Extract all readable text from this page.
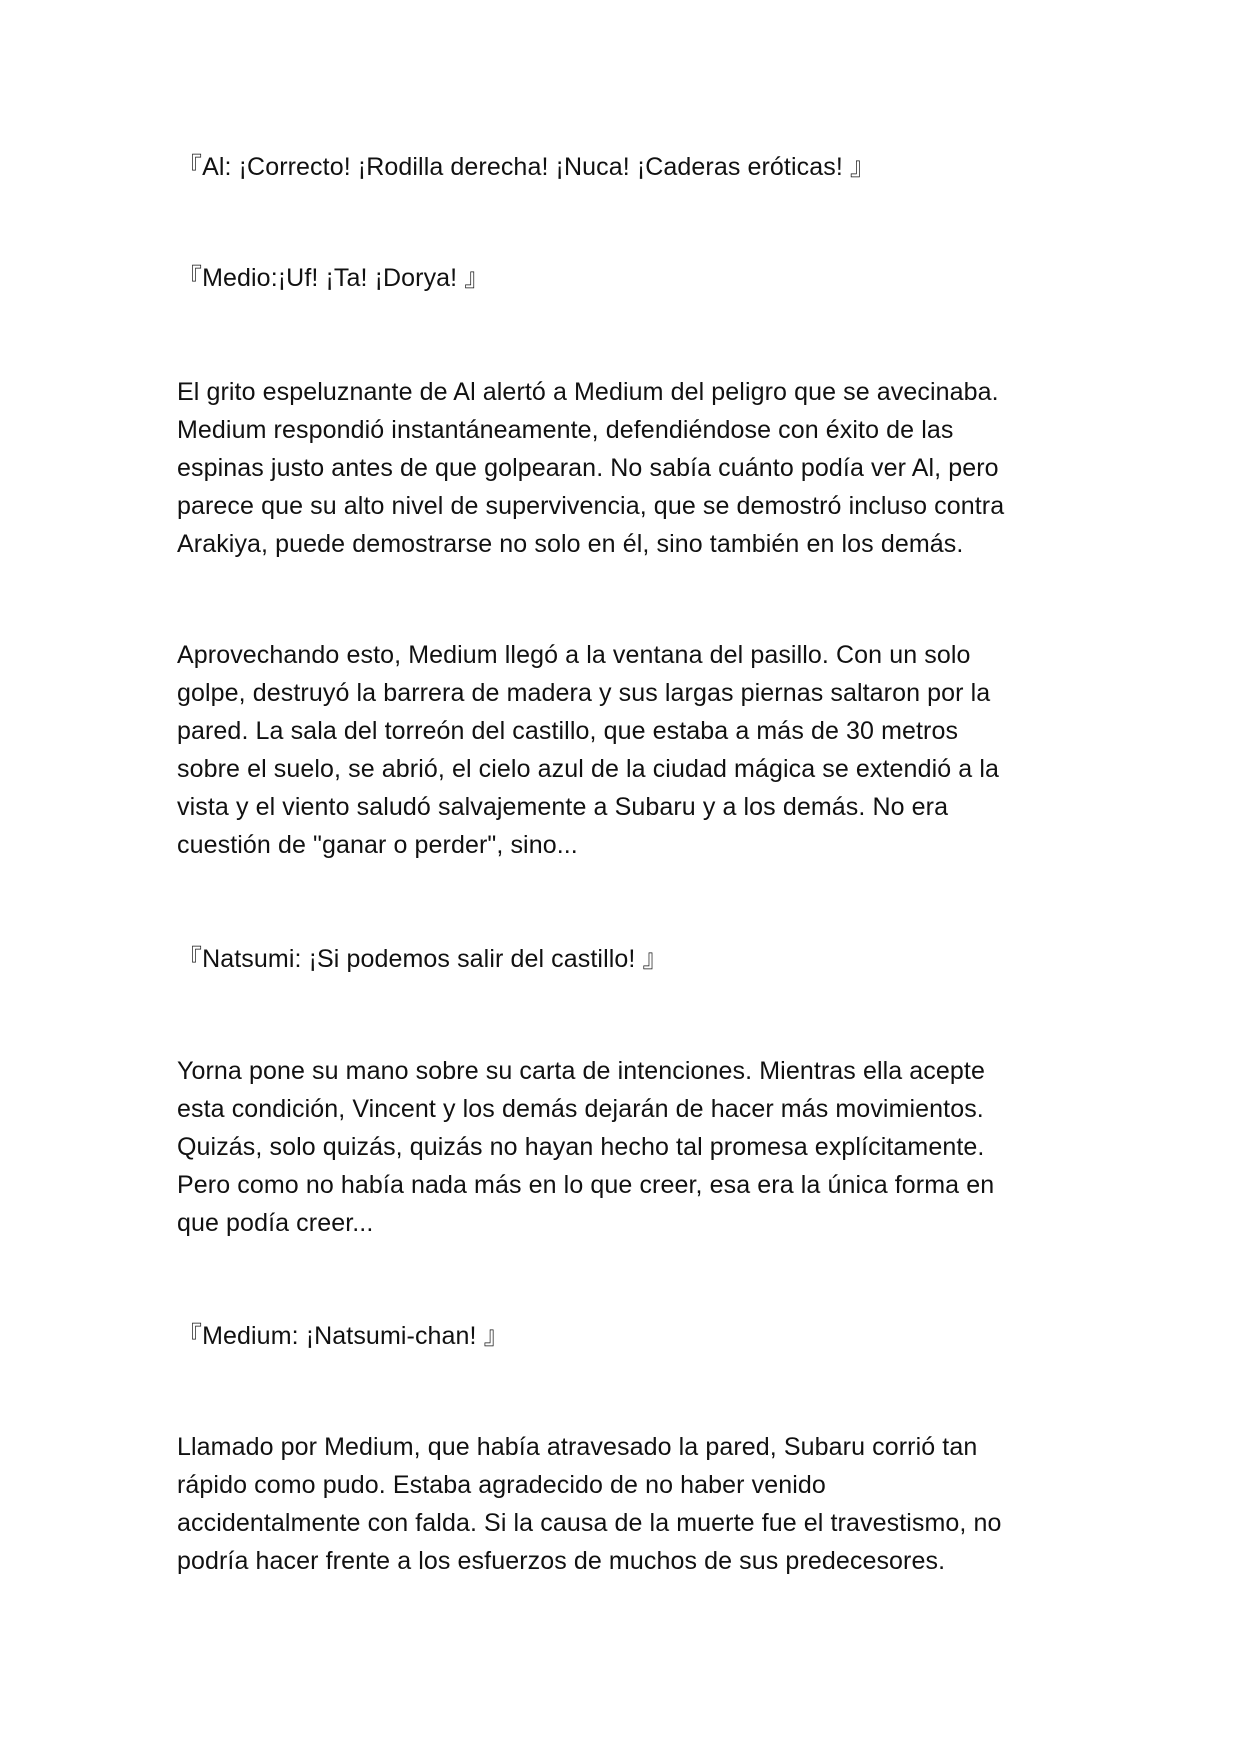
『Al: ¡Correcto! ¡Rodilla derecha! ¡Nuca! ¡Caderas eróticas! 』

『Medio:¡Uf! ¡Ta! ¡Dorya! 』

El grito espeluznante de Al alertó a Medium del peligro que se avecinaba.

Medium respondió instantáneamente, defendiéndose con éxito de las

espinas justo antes de que golpearan. No sabía cuánto podía ver Al, pero

parece que su alto nivel de supervivencia, que se demostró incluso contra

Arakiya, puede demostrarse no solo en él, sino también en los demás.

Aprovechando esto, Medium llegó a la ventana del pasillo. Con un solo

golpe, destruyó la barrera de madera y sus largas piernas saltaron por la

pared. La sala del torreón del castillo, que estaba a más de 30 metros

sobre el suelo, se abrió, el cielo azul de la ciudad mágica se extendió a la

vista y el viento saludó salvajemente a Subaru y a los demás. No era

cuestión de "ganar o perder", sino...

『Natsumi: ¡Si podemos salir del castillo! 』

Yorna pone su mano sobre su carta de intenciones. Mientras ella acepte

esta condición, Vincent y los demás dejarán de hacer más movimientos.

Quizás, solo quizás, quizás no hayan hecho tal promesa explícitamente.

Pero como no había nada más en lo que creer, esa era la única forma en

que podía creer...

『Medium: ¡Natsumi-chan! 』

Llamado por Medium, que había atravesado la pared, Subaru corrió tan

rápido como pudo. Estaba agradecido de no haber venido

accidentalmente con falda. Si la causa de la muerte fue el travestismo, no

podría hacer frente a los esfuerzos de muchos de sus predecesores.
